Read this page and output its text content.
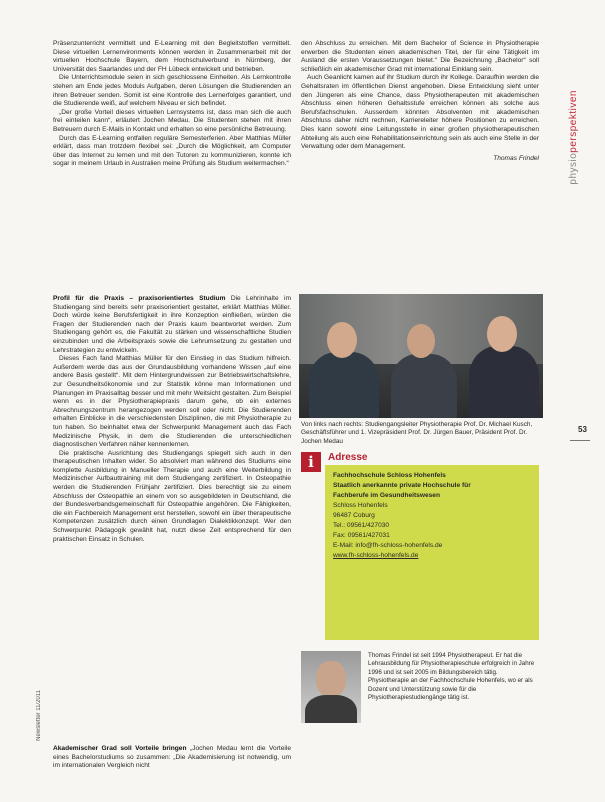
Präsenzunterricht vermittelt und E-Learning mit den Begleitstoffen vermittelt. Diese virtuellen Lernenvironments können werden in Zusammenarbeit mit der virtuellen Hochschule Bayern, dem Hochschulverbund in Nürnberg, der Universität des Saarlandes und der FH Lübeck entwickelt und betrieben.

Die Unterrichtsmodule seien in sich geschlossene Einheiten. Als Lernkontrolle stehen am Ende jedes Moduls Aufgaben, deren Lösungen die Studierenden an ihren Betreuer senden. Somit ist eine Kontrolle des Lernerfolges garantiert, und die Studierende weiß, auf welchem Niveau er sich befindet.

„Der große Vorteil dieses virtuellen Lernsystems ist, dass man sich die auch frei einteilen kann“, erläutert Jochen Medau. Die Studenten stehen mit ihren Betreuern durch E-Mails in Kontakt und erhalten so eine persönliche Betreuung.

Durch das E-Learning entfallen reguläre Semesterferien. Aber Matthias Müller erklärt, dass man trotzdem flexibel sei: „Durch die Möglichkeit, am Computer über das Internet zu lernen und mit den Tutoren zu kommunizieren, konnte ich sogar in meinem Urlaub in Australien meine Prüfung als Studium weitermachen.“

den Abschluss zu erreichen. Mit dem Bachelor of Science in Physiotherapie erwerben die Studenten einen akademischen Titel, der für eine Tätigkeit im Ausland die ersten Voraussetzungen bietet.“ Die Bezeichnung „Bachelor“ soll schließlich ein akademischer Grad mit international Einklang sein.

Auch Geanlicht kamen auf ihr Studium durch ihr Kollege. Daraufhin werden die Gehaltsraten im öffentlichen Dienst angehoben. Diese Entwicklung sieht unter den Jüngeren als eine Chance, dass Physiotherapeuten mit akademischen Abschluss einen höheren Gehaltsstufe erreichen können als solche aus Berufsfachschulen. Ausserdem könnten Absolventen mit akademischen Abschluss daher nicht rechnen, Karriereleiter höhere Positionen zu erreichen. Dies kann sowohl eine Leitungsstelle in einer großen physiotherapeutischen Abteilung als auch eine Rehabilitationseinrichtung sein als auch eine Stelle in der Verwaltung oder dem Management.

Thomas Frindel

Profil für die Praxis – praxisorientiertes Studium Die Lehrinhalte im Studiengang sind bereits sehr praxisorientiert gestaltet, erklärt Matthias Müller. Doch würde keine Berufsfertigkeit in ihre Konzeption einfließen, würden die Fragen der Studierenden nach der Praxis kaum beantwortet werden. Zum Studiengang gehört es, die Fakultät zu stärken und wissenschaftliche Studien einzubinden und die Arbeitspraxis sowie die Lehrumsetzung zu gestalten und Lehrstrategien zu entwickeln.

Dieses Fach fand Matthias Müller für den Einstieg in das Studium hilfreich. Außerdem werde das aus der Grundausbildung vorhandene Wissen „auf eine andere Basis gestellt“. Mit dem Hintergrundwissen zur Betriebswirtschaftslehre, zur Gesundheitsökonomie und zur Statistik könne man Informationen und Planungen im Praxisalltag besser und mit mehr Weitsicht gestalten. Zum Beispiel wenn es in der Physiotherapiepraxis darum gehe, ob ein externes Abrechnungszentrum herangezogen werden soll oder nicht. Die Studierenden erhalten Einblicke in die verschiedensten Disziplinen, die mit Physiotherapie zu tun haben. So beinhaltet etwa der Schwerpunkt Management auch das Fach Medizinische Physik, in dem die Studierenden die unterschiedlichen diagnostischen Verfahren näher kennenlernen.

Die praktische Ausrichtung des Studiengangs spiegelt sich auch in den therapeutischen Inhalten wider. So absolviert man während des Studiums eine komplette Ausbildung in Manueller Therapie und auch eine Weiterbildung in Medizinischer Aufbauttraining mit dem Studiengang zertifiziert. In Osteopathie werden die Studierenden Frühjahr zertifiziert. Dies berechtigt sie zu einem Abschluss der Osteopathie an einem von so ausgebildeten in Deutschland, die der Bundesverbandsgemeinschaft für Osteopathie angehören. Die Fähigkeiten, die ein Fachbereich Management erst herstellen, sowohl ein über therapeutische Kompetenzen zusätzlich durch einen Grundlagen Dialektikkonzept. Wer den Schwerpunkt Pädagogik gewählt hat, nutzt diese Zeit entsprechend für den praktischen Einsatz in Schulen.

Akademischer Grad soll Vorteile bringen „Jochen Medau lernt die Vorteile eines Bachelorstudiums so zusammen: „Die Akademisierung ist notwendig, um im internationalen Vergleich nicht
Von links nach rechts: Studiengangsleiter Physiotherapie Prof. Dr. Michael Kusch, Geschäftsführer und 1. Vizepräsident Prof. Dr. Jürgen Bauer, Präsident Prof. Dr. Jochen Medau
i	Adresse
Fachhochschule Schloss Hohenfels
Staatlich anerkannte private Hochschule für
Fachberufe im Gesundheitswesen
Schloss Hohenfels
96487 Coburg
Tel.: 09561/427030
Fax: 09561/427031
E-Mail: info@fh-schloss-hohenfels.de
www.fh-schloss-hohenfels.de
Thomas Frindel ist seit 1994 Physiotherapeut. Er hat die Lehrausbildung für Physiotherapieschule erfolgreich in Jahre 1996 und ist seit 2005 im Bildungsbereich tätig. Physiotherapie an der Fachhochschule Hohenfels, wo er als Dozent und Unterstützung sowie für die Physiotherapiestudiengänge tätig ist.
physioperspektiven
53
Newsletter 11/2011
